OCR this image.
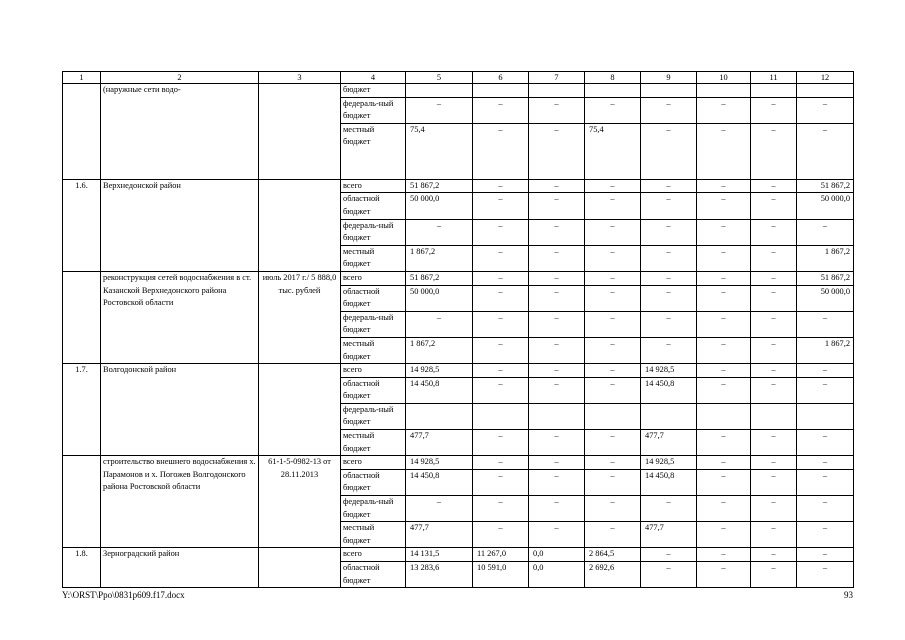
1	2	3	4	5	6	7	8	9	10	11	12
	(наружные сети водо-		бюджет								
			федераль-ный бюджет	–	–	–	–	–	–	–	–
			местный бюджет	75,4	–	–	75,4	–	–	–	–
1.6.	Верхнедонской район		всего	51 867,2	–	–	–	–	–	–	51 867,2
			областной бюджет	50 000,0	–	–	–	–	–	–	50 000,0
			федераль-ный бюджет	–	–	–	–	–	–	–	–
			местный бюджет	1 867,2	–	–	–	–	–	–	1 867,2
	реконструкция сетей водоснабжения в ст. Казанской Верхнедонского района Ростовской области	июль 2017 г./ 5 888,0 тыс. рублей	всего	51 867,2	–	–	–	–	–	–	51 867,2
			областной бюджет	50 000,0	–	–	–	–	–	–	50 000,0
			федераль-ный бюджет	–	–	–	–	–	–	–	–
			местный бюджет	1 867,2	–	–	–	–	–	–	1 867,2
1.7.	Волгодонской район		всего	14 928,5	–	–	–	14 928,5	–	–	–
			областной бюджет	14 450,8	–	–	–	14 450,8	–	–	–
			федераль-ный бюджет								
			местный бюджет	477,7	–	–	–	477,7	–	–	–
	строительство внешнего водоснабжения х. Парамонов и х. Погожев Волгодонского района Ростовской области	61-1-5-0982-13 от 28.11.2013	всего	14 928,5	–	–	–	14 928,5	–	–	–
			областной бюджет	14 450,8	–	–	–	14 450,8	–	–	–
			федераль-ный бюджет	–	–	–	–	–	–	–	–
			местный бюджет	477,7	–	–	–	477,7	–	–	–
1.8.	Зерноградский район		всего	14 131,5	11 267,0	0,0	2 864,5	–	–	–	–
			областной бюджет	13 283,6	10 591,0	0,0	2 692,6	–	–	–	–
Y:\ORST\Ppo\0831p609.f17.docx	93
